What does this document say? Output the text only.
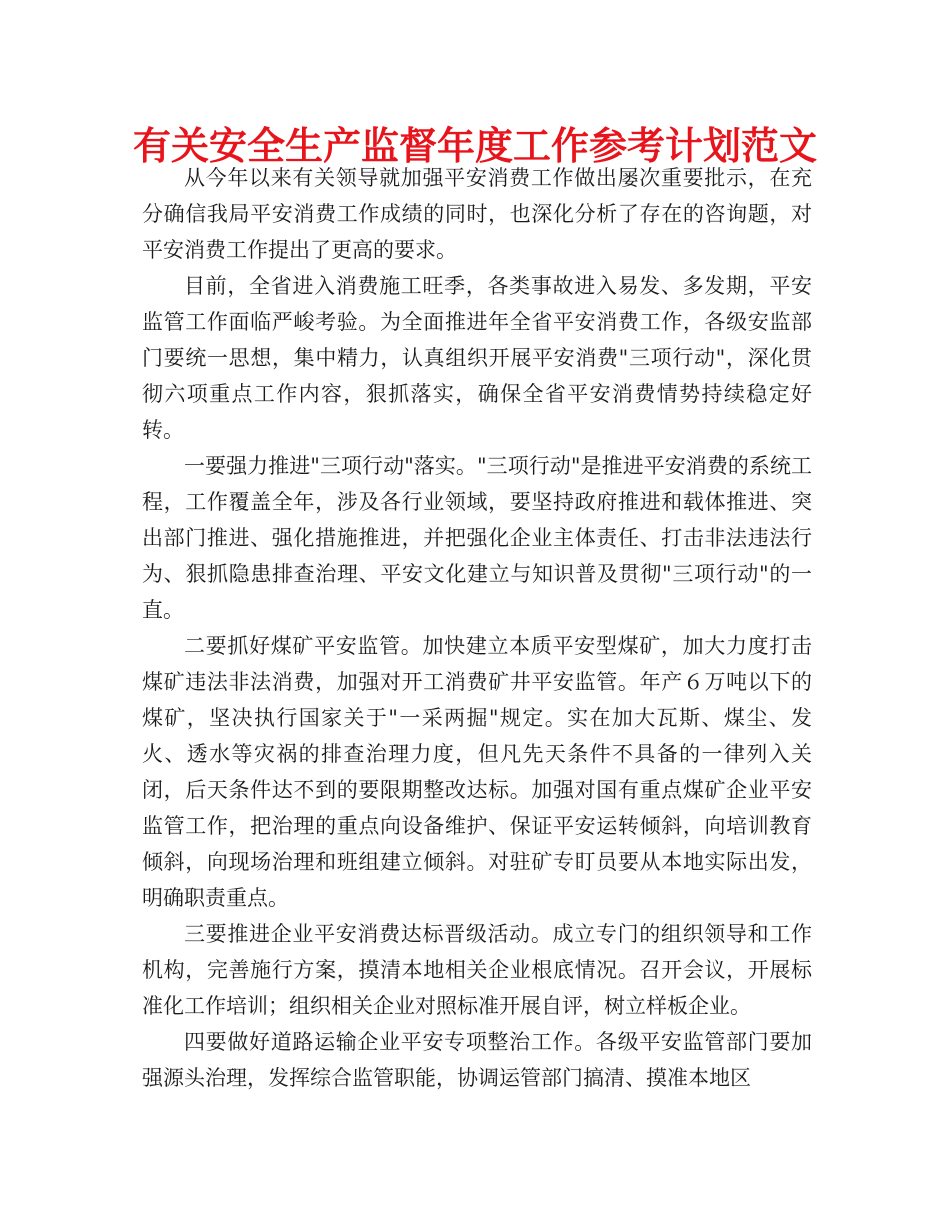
有关安全生产监督年度工作参考计划范文

从今年以来有关领导就加强平安消费工作做出屡次重要批示，在充分确信我局平安消费工作成绩的同时，也深化分析了存在的咨询题，对平安消费工作提出了更高的要求。

目前，全省进入消费施工旺季，各类事故进入易发、多发期，平安监管工作面临严峻考验。为全面推进年全省平安消费工作，各级安监部门要统一思想，集中精力，认真组织开展平安消费"三项行动"，深化贯彻六项重点工作内容，狠抓落实，确保全省平安消费情势持续稳定好转。

一要强力推进"三项行动"落实。"三项行动"是推进平安消费的系统工程，工作覆盖全年，涉及各行业领域，要坚持政府推进和载体推进、突出部门推进、强化措施推进，并把强化企业主体责任、打击非法违法行为、狠抓隐患排查治理、平安文化建立与知识普及贯彻"三项行动"的一直。

二要抓好煤矿平安监管。加快建立本质平安型煤矿，加大力度打击煤矿违法非法消费，加强对开工消费矿井平安监管。年产６万吨以下的煤矿，坚决执行国家关于"一采两掘"规定。实在加大瓦斯、煤尘、发火、透水等灾祸的排查治理力度，但凡先天条件不具备的一律列入关闭，后天条件达不到的要限期整改达标。加强对国有重点煤矿企业平安监管工作，把治理的重点向设备维护、保证平安运转倾斜，向培训教育倾斜，向现场治理和班组建立倾斜。对驻矿专盯员要从本地实际出发，明确职责重点。

三要推进企业平安消费达标晋级活动。成立专门的组织领导和工作机构，完善施行方案，摸清本地相关企业根底情况。召开会议，开展标准化工作培训；组织相关企业对照标准开展自评，树立样板企业。

四要做好道路运输企业平安专项整治工作。各级平安监管部门要加强源头治理，发挥综合监管职能，协调运管部门搞清、摸准本地区
